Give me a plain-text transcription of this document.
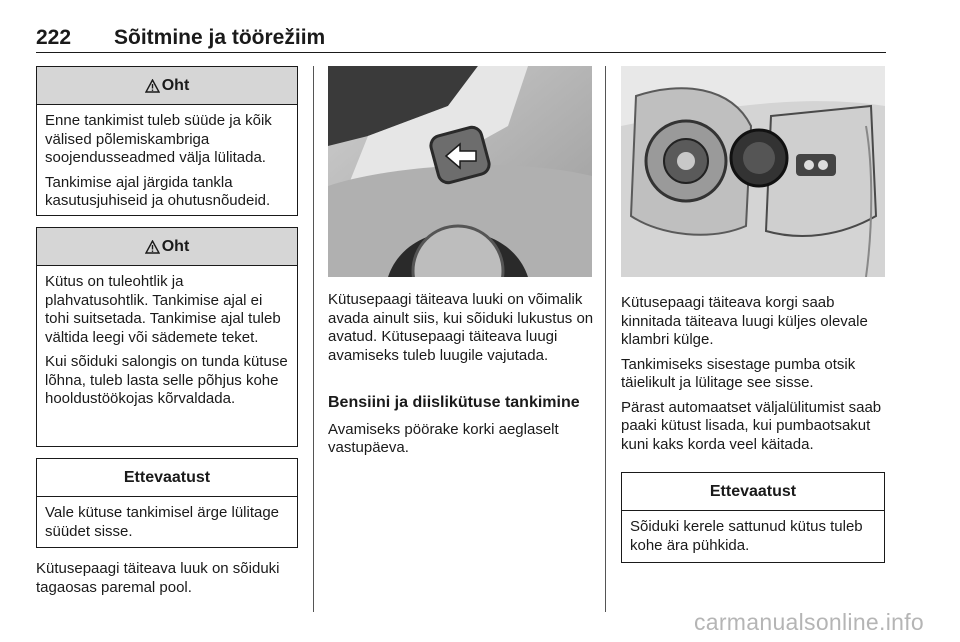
222 Sõitmine ja töörežiim
Oht

Enne tankimist tuleb süüde ja kõik välised põlemiskambriga soojendusseadmed välja lülitada.

Tankimise ajal järgida tankla kasutusjuhiseid ja ohutusnõudeid.

Oht

Kütus on tuleohtlik ja plahvatusohtlik. Tankimise ajal ei tohi suitsetada. Tankimise ajal tuleb vältida leegi või sädemete teket.

Kui sõiduki salongis on tunda kütuse lõhna, tuleb lasta selle põhjus kohe hooldustöökojas kõrvaldada.

Ettevaatust

Vale kütuse tankimisel ärge lülitage süüdet sisse.

Kütusepaagi täiteava luuk on sõiduki tagaosas paremal pool.
Kütusepaagi täiteava luuki on võimalik avada ainult siis, kui sõiduki lukustus on avatud. Kütusepaagi täiteava luugi avamiseks tuleb luugile vajutada.
Bensiini ja diislikütuse tankimine

Avamiseks pöörake korki aeglaselt vastupäeva.

Kütusepaagi täiteava korgi saab kinnitada täiteava luugi küljes olevale klambri külge.

Tankimiseks sisestage pumba otsik täielikult ja lülitage see sisse.

Pärast automaatset väljalülitumist saab paaki kütust lisada, kui pumbaotsakut kuni kaks korda veel käitada.

Ettevaatust

Sõiduki kerele sattunud kütus tuleb kohe ära pühkida.

carmanualsonline.info
